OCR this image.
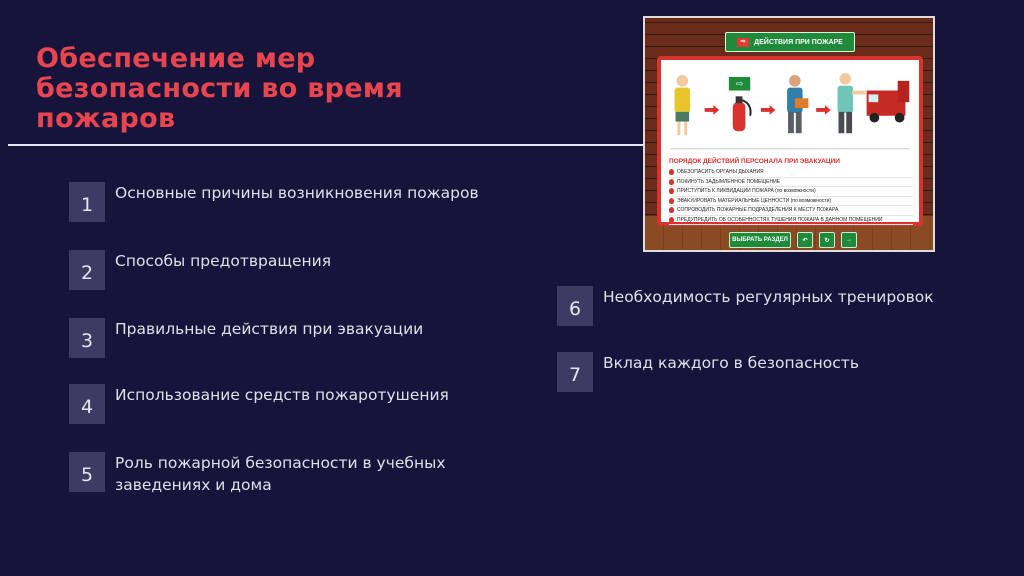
Обеспечение мер безопасности во время пожаров
1
Основные причины возникновения пожаров
2
Способы предотвращения
3
Правильные действия при эвакуации
4
Использование средств пожаротушения
5
Роль пожарной безопасности в учебных
заведениях и дома
6
Необходимость регулярных тренировок
7
Вклад каждого в безопасность
⇨	ДЕЙСТВИЯ ПРИ ПОЖАРЕ
⇨
ПОРЯДОК ДЕЙСТВИЙ ПЕРСОНАЛА ПРИ ЭВАКУАЦИИ
ОБЕЗОПАСИТЬ ОРГАНЫ ДЫХАНИЯ
ПОКИНУТЬ ЗАДЫМЛЕННОЕ ПОМЕЩЕНИЕ
ПРИСТУПИТЬ К ЛИКВИДАЦИИ ПОЖАРА (по возможности)
ЭВАКУИРОВАТЬ МАТЕРИАЛЬНЫЕ ЦЕННОСТИ (по возможности)
СОПРОВОДИТЬ ПОЖАРНЫЕ ПОДРАЗДЕЛЕНИЯ К МЕСТУ ПОЖАРА
ПРЕДУПРЕДИТЬ ОБ ОСОБЕННОСТЯХ ТУШЕНИЯ ПОЖАРА В ДАННОМ ПОМЕЩЕНИИ
ВЫБРАТЬ РАЗДЕЛ	↶	↻	→
